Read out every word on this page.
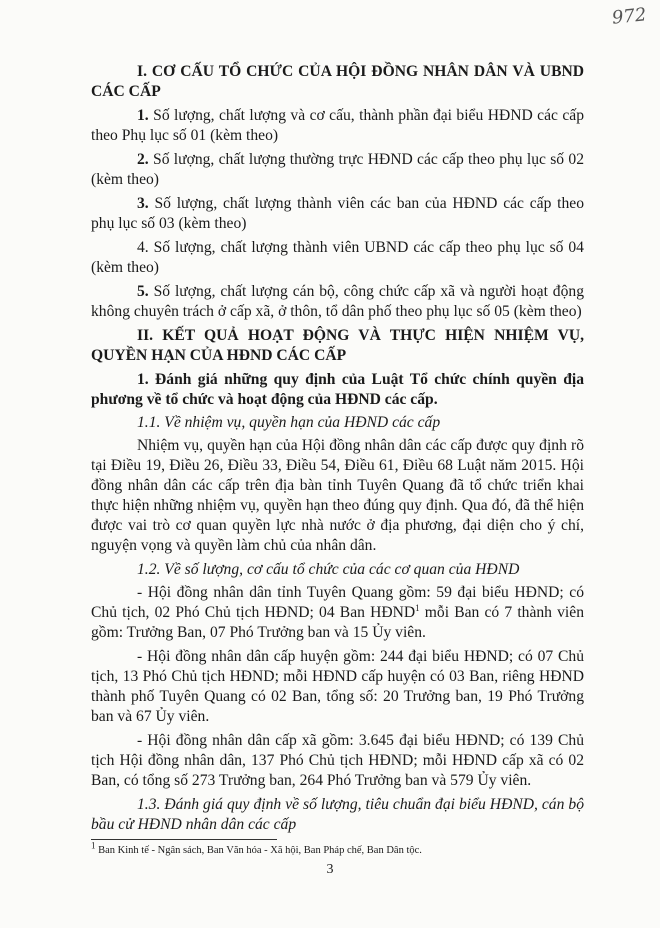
972

I. CƠ CẤU TỔ CHỨC CỦA HỘI ĐỒNG NHÂN DÂN VÀ UBND CÁC CẤP

1. Số lượng, chất lượng và cơ cấu, thành phần đại biểu HĐND các cấp theo Phụ lục số 01 (kèm theo)

2. Số lượng, chất lượng thường trực HĐND các cấp theo phụ lục số 02 (kèm theo)

3. Số lượng, chất lượng thành viên các ban của HĐND các cấp theo phụ lục số 03 (kèm theo)

4. Số lượng, chất lượng thành viên UBND các cấp theo phụ lục số 04 (kèm theo)

5. Số lượng, chất lượng cán bộ, công chức cấp xã và người hoạt động không chuyên trách ở cấp xã, ở thôn, tổ dân phố theo phụ lục số 05 (kèm theo)

II. KẾT QUẢ HOẠT ĐỘNG VÀ THỰC HIỆN NHIỆM VỤ, QUYỀN HẠN CỦA HĐND CÁC CẤP

1. Đánh giá những quy định của Luật Tổ chức chính quyền địa phương về tổ chức và hoạt động của HĐND các cấp.

1.1. Về nhiệm vụ, quyền hạn của HĐND các cấp

Nhiệm vụ, quyền hạn của Hội đồng nhân dân các cấp được quy định rõ tại Điều 19, Điều 26, Điều 33, Điều 54, Điều 61, Điều 68 Luật năm 2015. Hội đồng nhân dân các cấp trên địa bàn tỉnh Tuyên Quang đã tổ chức triển khai thực hiện những nhiệm vụ, quyền hạn theo đúng quy định. Qua đó, đã thể hiện được vai trò cơ quan quyền lực nhà nước ở địa phương, đại diện cho ý chí, nguyện vọng và quyền làm chủ của nhân dân.

1.2. Về số lượng, cơ cấu tổ chức của các cơ quan của HĐND

- Hội đồng nhân dân tỉnh Tuyên Quang gồm: 59 đại biểu HĐND; có Chủ tịch, 02 Phó Chủ tịch HĐND; 04 Ban HĐND$^1$ mỗi Ban có 7 thành viên gồm: Trưởng Ban, 07 Phó Trưởng ban và 15 Ủy viên.

- Hội đồng nhân dân cấp huyện gồm: 244 đại biểu HĐND; có 07 Chủ tịch, 13 Phó Chủ tịch HĐND; mỗi HĐND cấp huyện có 03 Ban, riêng HĐND thành phố Tuyên Quang có 02 Ban, tổng số: 20 Trưởng ban, 19 Phó Trưởng ban và 67 Ủy viên.

- Hội đồng nhân dân cấp xã gồm: 3.645 đại biểu HĐND; có 139 Chủ tịch Hội đồng nhân dân, 137 Phó Chủ tịch HĐND; mỗi HĐND cấp xã có 02 Ban, có tổng số 273 Trưởng ban, 264 Phó Trưởng ban và 579 Ủy viên.

1.3. Đánh giá quy định về số lượng, tiêu chuẩn đại biểu HĐND, cán bộ bầu cử HĐND nhân dân các cấp

1 Ban Kinh tế - Ngân sách, Ban Văn hóa - Xã hội, Ban Pháp chế, Ban Dân tộc.
3
